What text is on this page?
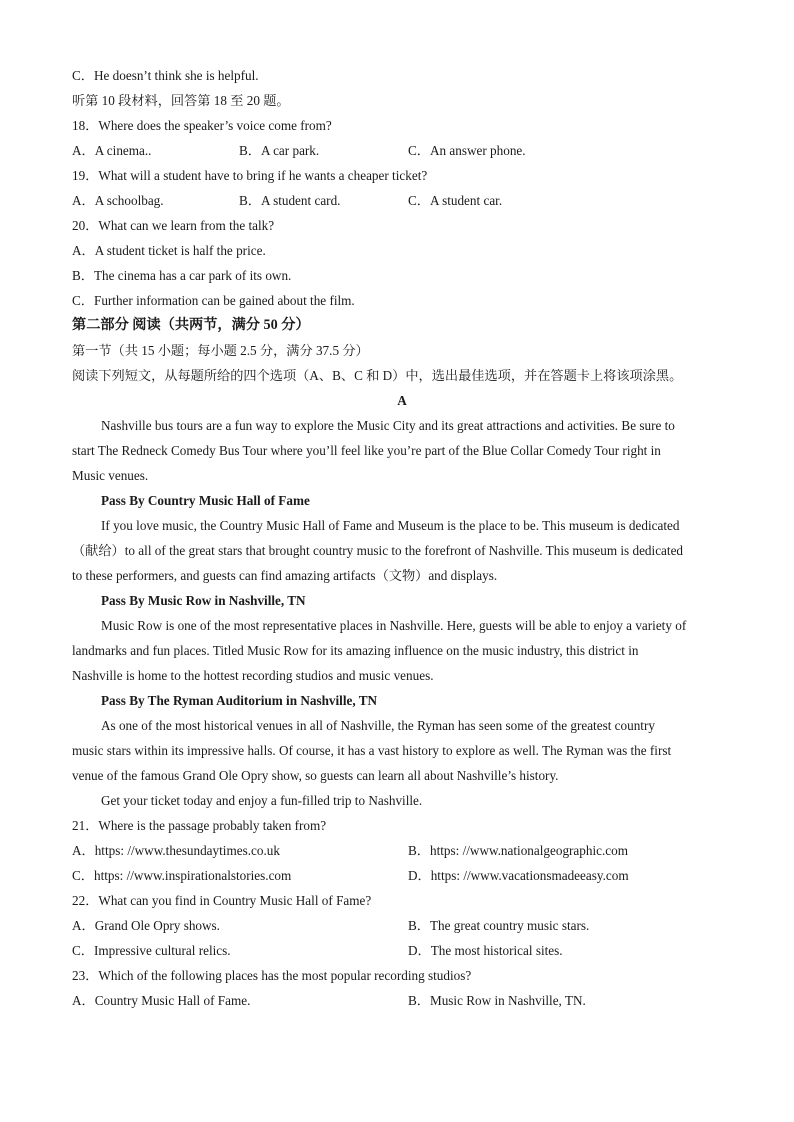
C．He doesn’t think she is helpful.
听第 10 段材料，回答第 18 至 20 题。
18．Where does the speaker’s voice come from?
A．A cinema..	B．A car park.	C．An answer phone.
19．What will a student have to bring if he wants a cheaper ticket?
A．A schoolbag.	B．A student card.	C．A student car.
20．What can we learn from the talk?
A．A student ticket is half the price.
B．The cinema has a car park of its own.
C．Further information can be gained about the film.
第二部分 阅读（共两节，满分 50 分）
第一节（共 15 小题；每小题 2.5 分，满分 37.5 分）
阅读下列短文，从每题所给的四个选项（A、B、C 和 D）中，选出最佳选项，并在答题卡上将该项涂黑。
A
Nashville bus tours are a fun way to explore the Music City and its great attractions and activities. Be sure to
start The Redneck Comedy Bus Tour where you’ll feel like you’re part of the Blue Collar Comedy Tour right in
Music venues.
Pass By Country Music Hall of Fame
If you love music, the Country Music Hall of Fame and Museum is the place to be. This museum is dedicated
（献给）to all of the great stars that brought country music to the forefront of Nashville. This museum is dedicated
to these performers, and guests can find amazing artifacts（文物）and displays.
Pass By Music Row in Nashville, TN
Music Row is one of the most representative places in Nashville. Here, guests will be able to enjoy a variety of
landmarks and fun places. Titled Music Row for its amazing influence on the music industry, this district in
Nashville is home to the hottest recording studios and music venues.
Pass By The Ryman Auditorium in Nashville, TN
As one of the most historical venues in all of Nashville, the Ryman has seen some of the greatest country
music stars within its impressive halls. Of course, it has a vast history to explore as well. The Ryman was the first
venue of the famous Grand Ole Opry show, so guests can learn all about Nashville’s history.
Get your ticket today and enjoy a fun-filled trip to Nashville.
21．Where is the passage probably taken from?
A．https: //www.thesundaytimes.co.uk	B．https: //www.nationalgeographic.com
C．https: //www.inspirationalstories.com	D．https: //www.vacationsmadeeasy.com
22．What can you find in Country Music Hall of Fame?
A．Grand Ole Opry shows.	B．The great country music stars.
C．Impressive cultural relics.	D．The most historical sites.
23．Which of the following places has the most popular recording studios?
A．Country Music Hall of Fame.	B．Music Row in Nashville, TN.
